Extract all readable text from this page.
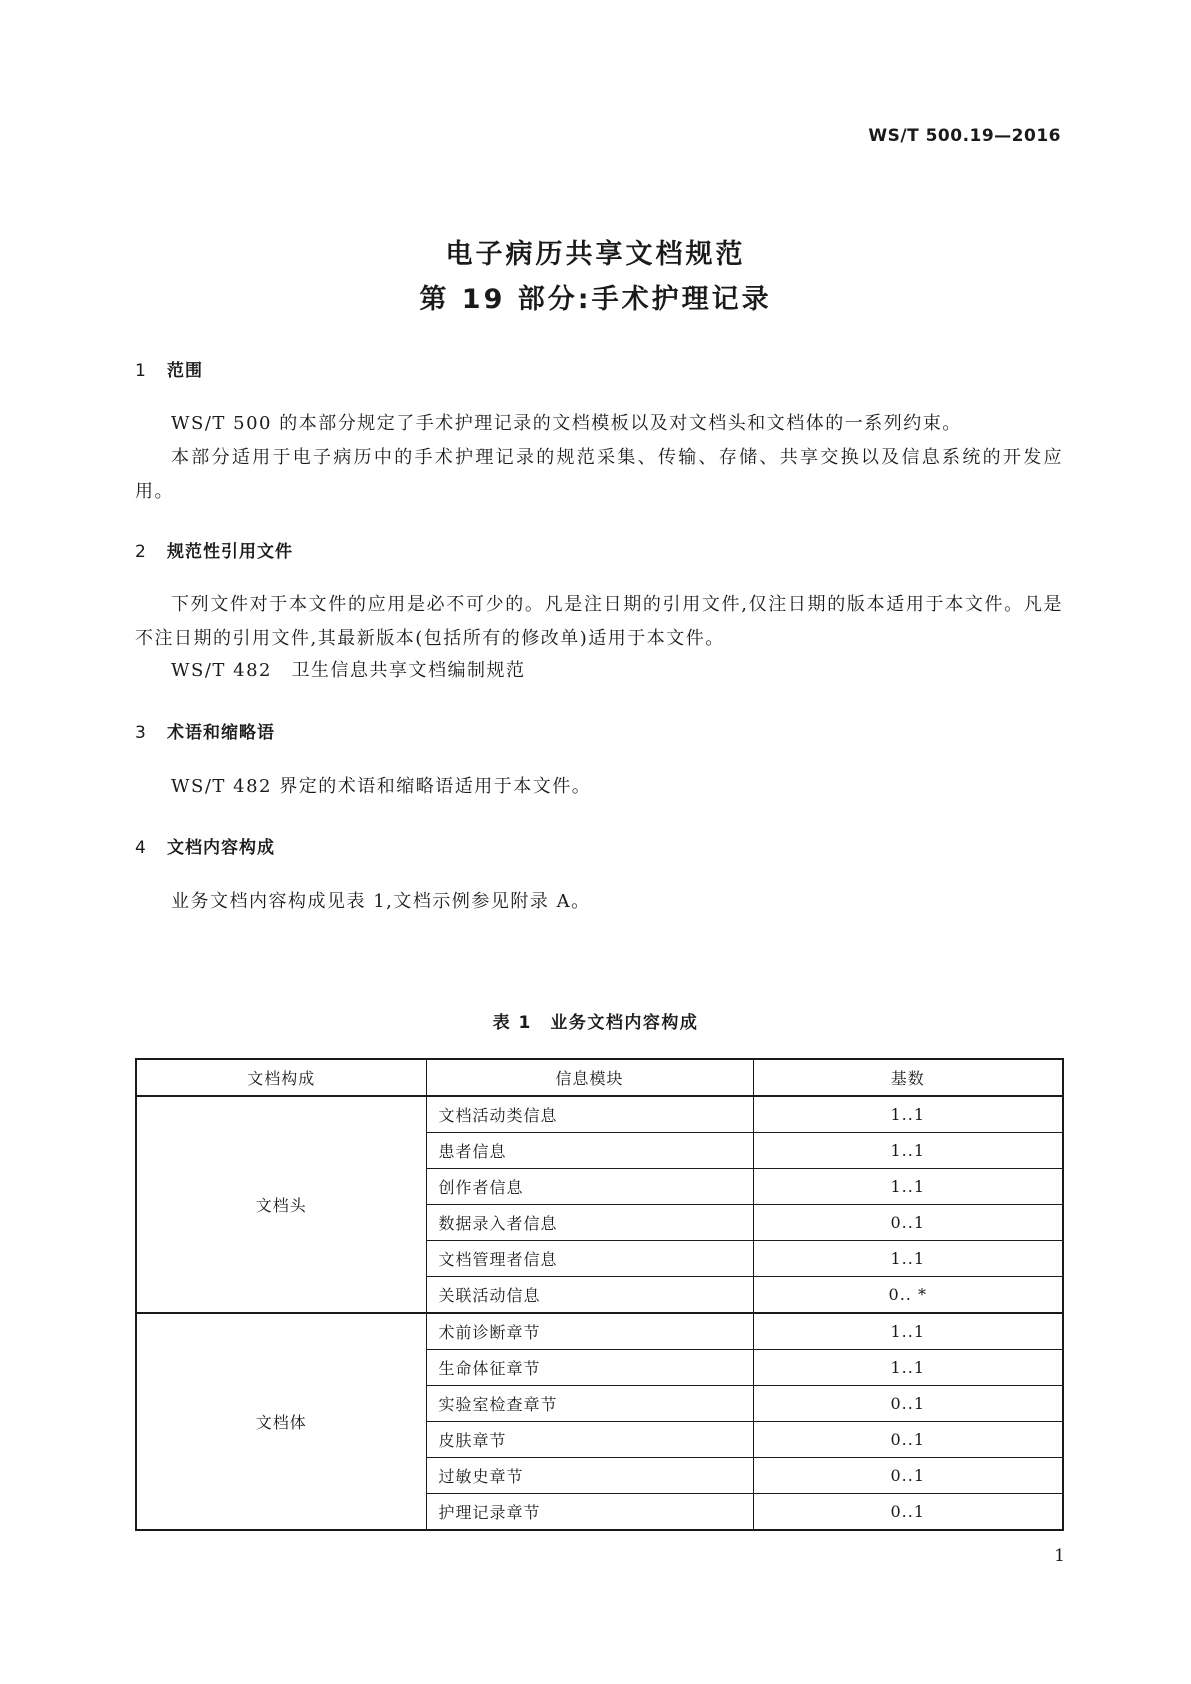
WS/T 500.19—2016
电子病历共享文档规范
第 19 部分:手术护理记录
1 范围
WS/T 500 的本部分规定了手术护理记录的文档模板以及对文档头和文档体的一系列约束。
本部分适用于电子病历中的手术护理记录的规范采集、传输、存储、共享交换以及信息系统的开发应用。
2 规范性引用文件
下列文件对于本文件的应用是必不可少的。凡是注日期的引用文件,仅注日期的版本适用于本文件。凡是不注日期的引用文件,其最新版本(包括所有的修改单)适用于本文件。
WS/T 482　卫生信息共享文档编制规范
3 术语和缩略语
WS/T 482 界定的术语和缩略语适用于本文件。
4 文档内容构成
业务文档内容构成见表 1,文档示例参见附录 A。
表 1　业务文档内容构成
文档构成	信息模块	基数
文档头	文档活动类信息	1..1
	患者信息	1..1
	创作者信息	1..1
	数据录入者信息	0..1
	文档管理者信息	1..1
	关联活动信息	0.. *
文档体	术前诊断章节	1..1
	生命体征章节	1..1
	实验室检查章节	0..1
	皮肤章节	0..1
	过敏史章节	0..1
	护理记录章节	0..1
1
